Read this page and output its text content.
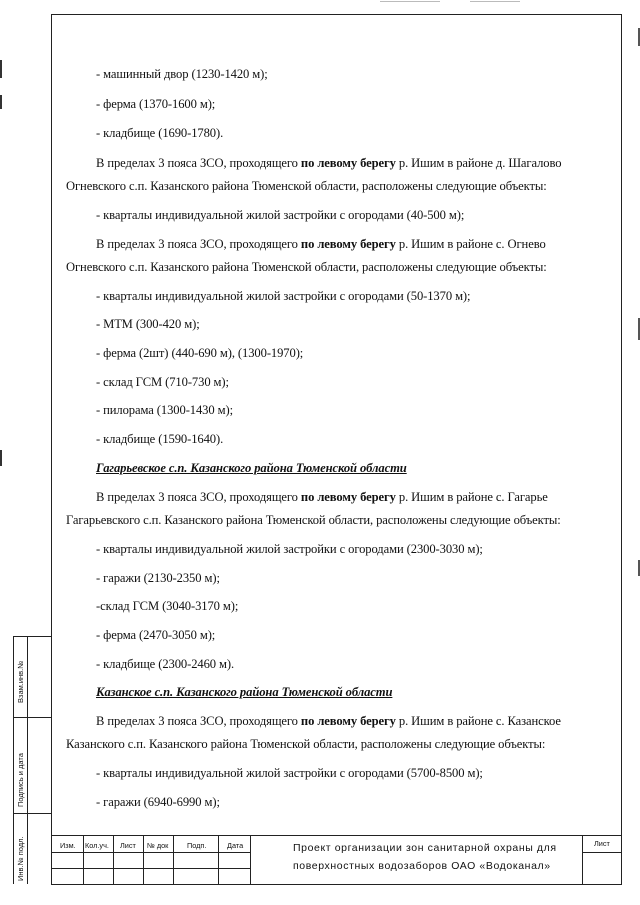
- машинный двор (1230-1420 м);
- ферма (1370-1600 м);
- кладбище (1690-1780).
В пределах 3 пояса ЗСО, проходящего по левому берегу р. Ишим в районе д. Шагалово
Огневского с.п. Казанского района Тюменской области, расположены следующие объекты:
- кварталы индивидуальной жилой застройки с огородами (40-500 м);
В пределах 3 пояса ЗСО, проходящего по левому берегу р. Ишим в районе с. Огнево
Огневского с.п. Казанского района Тюменской области, расположены следующие объекты:
- кварталы индивидуальной жилой застройки с огородами (50-1370 м);
- МТМ (300-420 м);
- ферма (2шт) (440-690 м), (1300-1970);
- склад ГСМ (710-730 м);
- пилорама (1300-1430 м);
- кладбище (1590-1640).
Гагарьевское с.п. Казанского района Тюменской области
В пределах 3 пояса ЗСО, проходящего по левому берегу р. Ишим в районе с. Гагарье
Гагарьевского с.п. Казанского района Тюменской области, расположены следующие объекты:
- кварталы индивидуальной жилой застройки с огородами (2300-3030 м);
- гаражи (2130-2350 м);
-склад ГСМ (3040-3170 м);
- ферма (2470-3050 м);
- кладбище (2300-2460 м).
Казанское с.п. Казанского района Тюменской области
В пределах 3 пояса ЗСО, проходящего по левому берегу р. Ишим в районе с. Казанское
Казанского с.п. Казанского района Тюменской области, расположены следующие объекты:
- кварталы индивидуальной жилой застройки с огородами (5700-8500 м);
- гаражи (6940-6990 м);
Взам.инв.№
Подпись и дата
Инв.№ подл.	Изм. Кол.уч. Лист № док	Подп.	Дата	Проект организации зон санитарной охраны для
поверхностных водозаборов ОАО «Водоканал»
Лист
